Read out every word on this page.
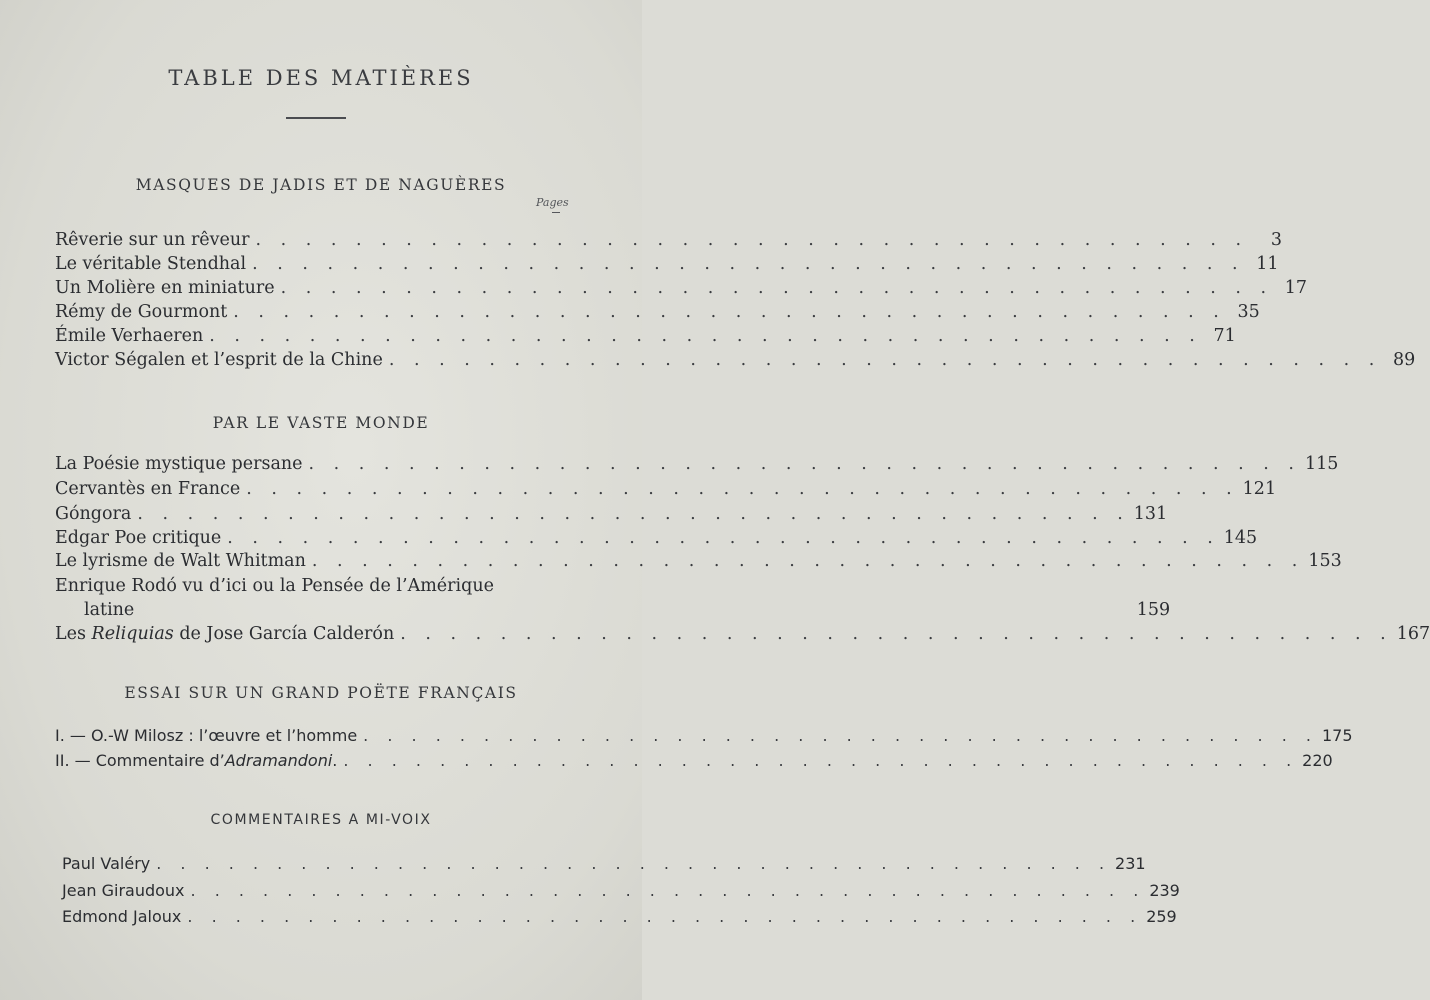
TABLE DES MATIÈRES
MASQUES DE JADIS ET DE NAGUÈRES
Pages
Rêverie sur un rêveur . . . . . . . . . . . . . . . . . . . . . . . . . . . . . . . . . . . . . . . .	3
Le véritable Stendhal . . . . . . . . . . . . . . . . . . . . . . . . . . . . . . . . . . . . . . . . 11
Un Molière en miniature . . . . . . . . . . . . . . . . . . . . . . . . . . . . . . . . . . . . . . . . 17
Rémy de Gourmont . . . . . . . . . . . . . . . . . . . . . . . . . . . . . . . . . . . . . . . . 35
Émile Verhaeren . . . . . . . . . . . . . . . . . . . . . . . . . . . . . . . . . . . . . . . . 71
Victor Ségalen et l’esprit de la Chine . . . . . . . . . . . . . . . . . . . . . . . . . . . . . . . . . . . . . . . . 89
PAR LE VASTE MONDE
La Poésie mystique persane . . . . . . . . . . . . . . . . . . . . . . . . . . . . . . . . . . . . . . . . 115
Cervantès en France . . . . . . . . . . . . . . . . . . . . . . . . . . . . . . . . . . . . . . . . 121
Góngora . . . . . . . . . . . . . . . . . . . . . . . . . . . . . . . . . . . . . . . . 131
Edgar Poe critique . . . . . . . . . . . . . . . . . . . . . . . . . . . . . . . . . . . . . . . . 145
Le lyrisme de Walt Whitman . . . . . . . . . . . . . . . . . . . . . . . . . . . . . . . . . . . . . . . . 153
Enrique Rodó vu d’ici ou la Pensée de l’Amérique
latine	159
Les Reliquias de Jose García Calderón . . . . . . . . . . . . . . . . . . . . . . . . . . . . . . . . . . . . . . . . 167
ESSAI SUR UN GRAND POËTE FRANÇAIS
I. — O.-W Milosz : l’œuvre et l’homme . . . . . . . . . . . . . . . . . . . . . . . . . . . . . . . . . . . . . . . . 175
II. — Commentaire d’Adramandoni. . . . . . . . . . . . . . . . . . . . . . . . . . . . . . . . . . . . . . . . . 220
COMMENTAIRES A MI-VOIX
Paul Valéry . . . . . . . . . . . . . . . . . . . . . . . . . . . . . . . . . . . . . . . . 231
Jean Giraudoux . . . . . . . . . . . . . . . . . . . . . . . . . . . . . . . . . . . . . . . . 239
Edmond Jaloux . . . . . . . . . . . . . . . . . . . . . . . . . . . . . . . . . . . . . . . . 259
